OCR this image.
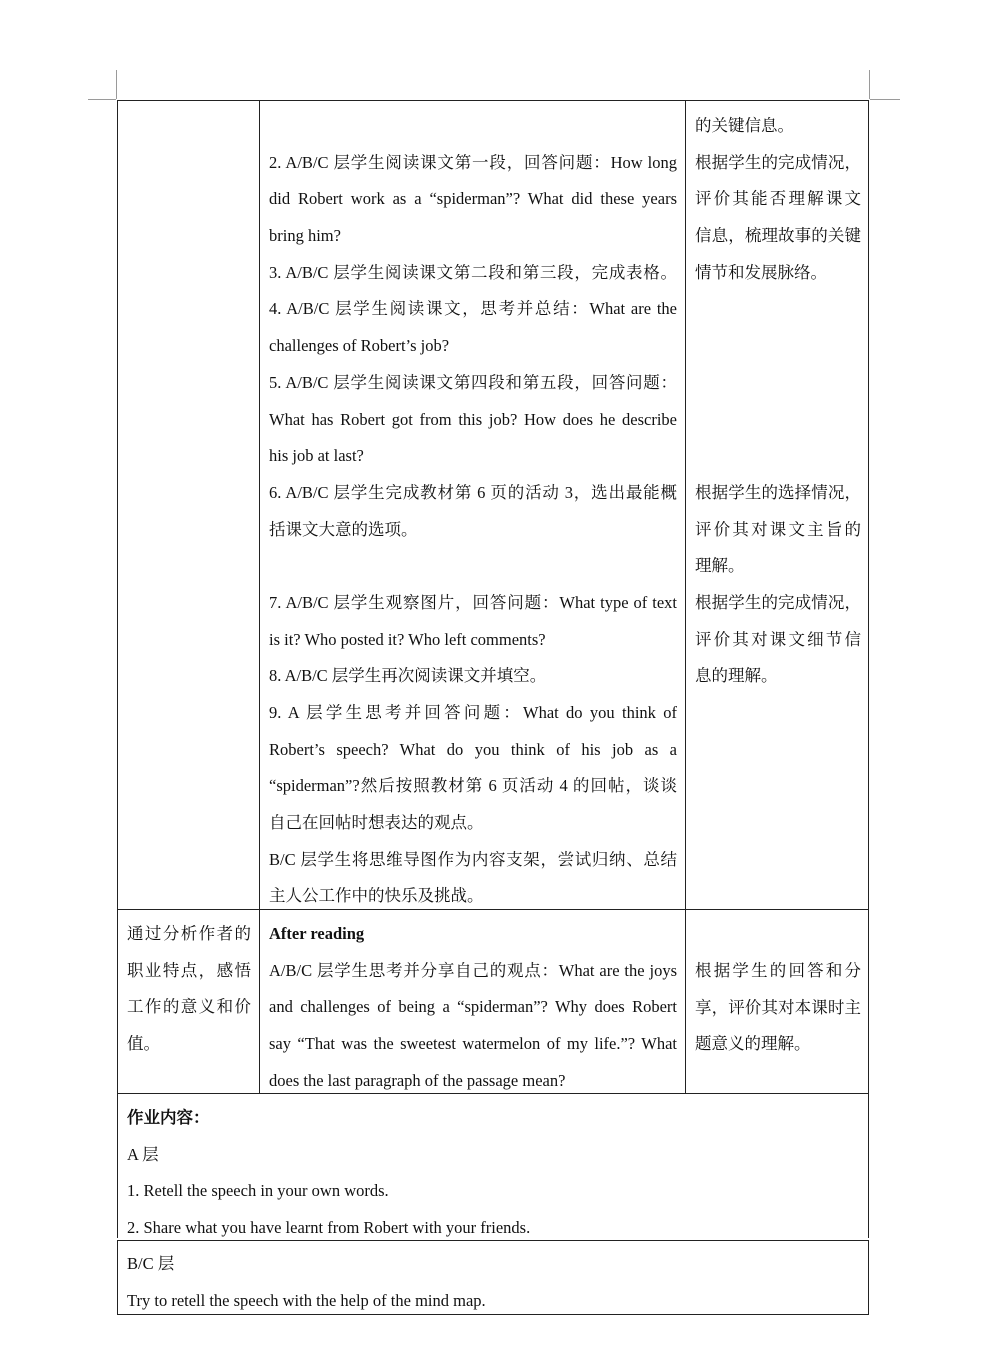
2. A/B/C 层学生阅读课文第一段，回答问题：How long
did Robert work as a “spiderman”? What did these years
bring him?
3. A/B/C 层学生阅读课文第二段和第三段，完成表格。
4. A/B/C 层学生阅读课文，思考并总结：What are the
challenges of Robert’s job?
5. A/B/C 层学生阅读课文第四段和第五段，回答问题：
What has Robert got from this job? How does he describe
his job at last?
6. A/B/C 层学生完成教材第 6 页的活动 3，选出最能概
括课文大意的选项。
7. A/B/C 层学生观察图片，回答问题：What type of text
is it? Who posted it? Who left comments?
8. A/B/C 层学生再次阅读课文并填空。
9. A 层学生思考并回答问题：What do you think of
Robert’s speech? What do you think of his job as a
“spiderman”?然后按照教材第 6 页活动 4 的回帖，谈谈
自己在回帖时想表达的观点。
B/C 层学生将思维导图作为内容支架，尝试归纳、总结
主人公工作中的快乐及挑战。
的关键信息。
根据学生的完成情况，
评价其能否理解课文
信息，梳理故事的关键
情节和发展脉络。
根据学生的选择情况，
评价其对课文主旨的
理解。
根据学生的完成情况，
评价其对课文细节信
息的理解。
通过分析作者的
职业特点，感悟
工作的意义和价
值。
After reading
A/B/C 层学生思考并分享自己的观点：What are the joys
and challenges of being a “spiderman”? Why does Robert
say “That was the sweetest watermelon of my life.”? What
does the last paragraph of the passage mean?
根据学生的回答和分
享，评价其对本课时主
题意义的理解。
作业内容：
A 层
1. Retell the speech in your own words.
2. Share what you have learnt from Robert with your friends.
B/C 层
Try to retell the speech with the help of the mind map.
